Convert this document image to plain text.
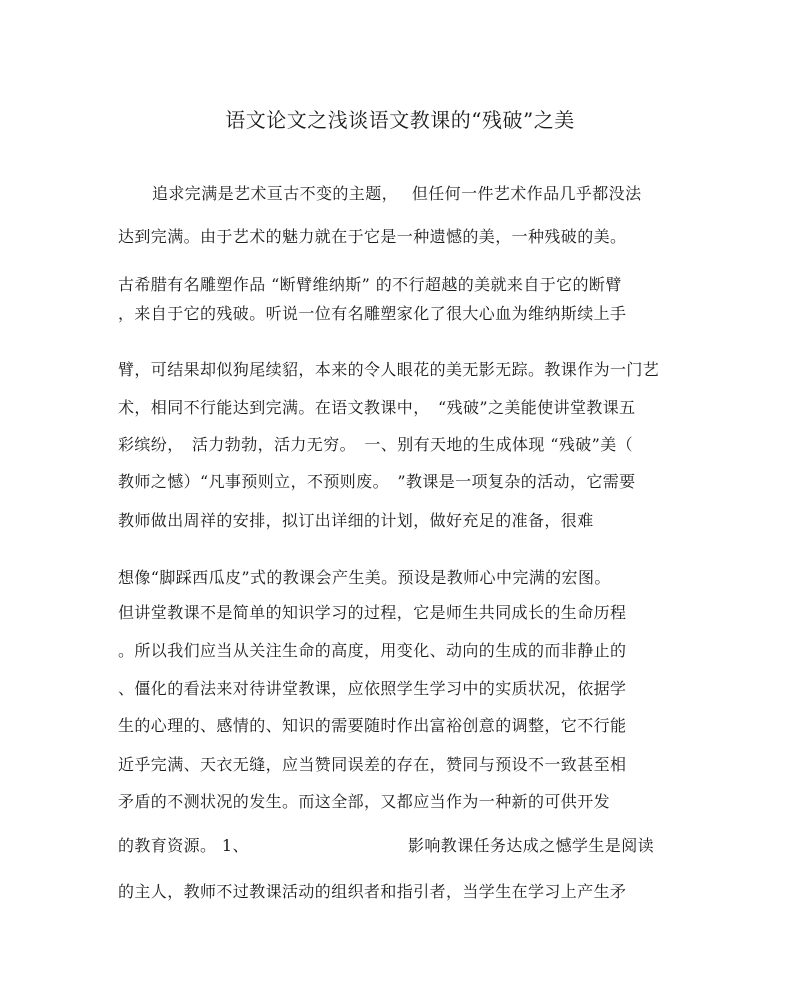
语文论文之浅谈语文教课的“残破”之美
追求完满是艺术亘古不变的主题，　 但任何一件艺术作品几乎都没法
达到完满。由于艺术的魅力就在于它是一种遗憾的美，一种残破的美。
古希腊有名雕塑作品 “断臂维纳斯” 的不行超越的美就来自于它的断臂
，来自于它的残破。听说一位有名雕塑家化了很大心血为维纳斯续上手
臂，可结果却似狗尾续貂，本来的令人眼花的美无影无踪。教课作为一门艺
术，相同不行能达到完满。在语文教课中，　“残破”之美能使讲堂教课五
彩缤纷，　活力勃勃，活力无穷。　一、别有天地的生成体现 “残破”美（
教师之憾）“凡事预则立，不预则废。　”教课是一项复杂的活动，它需要
教师做出周祥的安排，拟订出详细的计划，做好充足的准备，很难
想像“脚踩西瓜皮”式的教课会产生美。预设是教师心中完满的宏图。
但讲堂教课不是简单的知识学习的过程，它是师生共同成长的生命历程
。所以我们应当从关注生命的高度，用变化、动向的生成的而非静止的
、僵化的看法来对待讲堂教课，应依照学生学习中的实质状况，依据学
生的心理的、感情的、知识的需要随时作出富裕创意的调整，它不行能
近乎完满、天衣无缝，应当赞同误差的存在，赞同与预设不一致甚至相
矛盾的不测状况的发生。而这全部，又都应当作为一种新的可供开发
的教育资源。 1、	影响教课任务达成之憾学生是阅读
的主人，教师不过教课活动的组织者和指引者，当学生在学习上产生矛
